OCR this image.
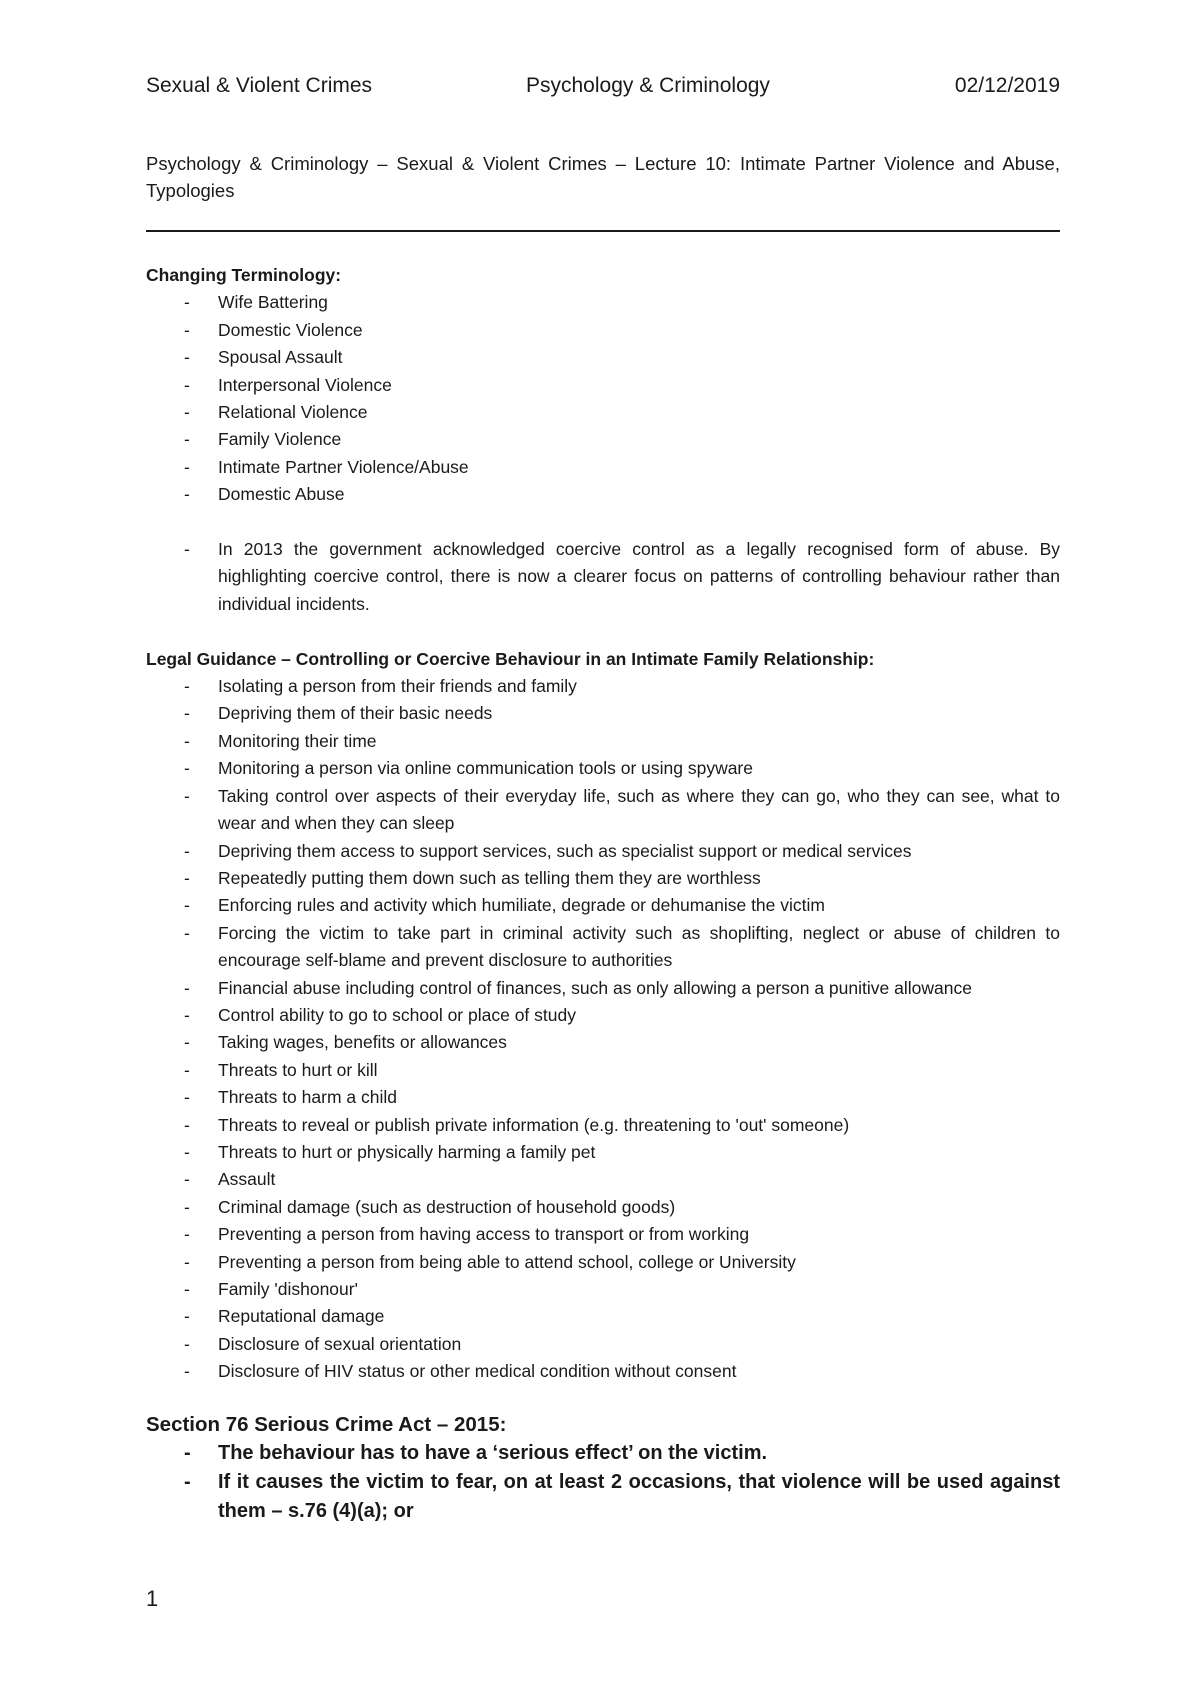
Sexual & Violent Crimes	Psychology & Criminology	02/12/2019

Psychology & Criminology – Sexual & Violent Crimes – Lecture 10: Intimate Partner Violence and Abuse, Typologies

Changing Terminology:

- Wife Battering
- Domestic Violence
- Spousal Assault
- Interpersonal Violence
- Relational Violence
- Family Violence
- Intimate Partner Violence/Abuse
- Domestic Abuse
- In 2013 the government acknowledged coercive control as a legally recognised form of abuse. By highlighting coercive control, there is now a clearer focus on patterns of controlling behaviour rather than individual incidents.

Legal Guidance – Controlling or Coercive Behaviour in an Intimate Family Relationship:

- Isolating a person from their friends and family
- Depriving them of their basic needs
- Monitoring their time
- Monitoring a person via online communication tools or using spyware
- Taking control over aspects of their everyday life, such as where they can go, who they can see, what to wear and when they can sleep
- Depriving them access to support services, such as specialist support or medical services
- Repeatedly putting them down such as telling them they are worthless
- Enforcing rules and activity which humiliate, degrade or dehumanise the victim
- Forcing the victim to take part in criminal activity such as shoplifting, neglect or abuse of children to encourage self-blame and prevent disclosure to authorities
- Financial abuse including control of finances, such as only allowing a person a punitive allowance
- Control ability to go to school or place of study
- Taking wages, benefits or allowances
- Threats to hurt or kill
- Threats to harm a child
- Threats to reveal or publish private information (e.g. threatening to 'out' someone)
- Threats to hurt or physically harming a family pet
- Assault
- Criminal damage (such as destruction of household goods)
- Preventing a person from having access to transport or from working
- Preventing a person from being able to attend school, college or University
- Family 'dishonour'
- Reputational damage
- Disclosure of sexual orientation
- Disclosure of HIV status or other medical condition without consent

Section 76 Serious Crime Act – 2015:

- The behaviour has to have a ‘serious effect’ on the victim.
- If it causes the victim to fear, on at least 2 occasions, that violence will be used against them – s.76 (4)(a); or
1
